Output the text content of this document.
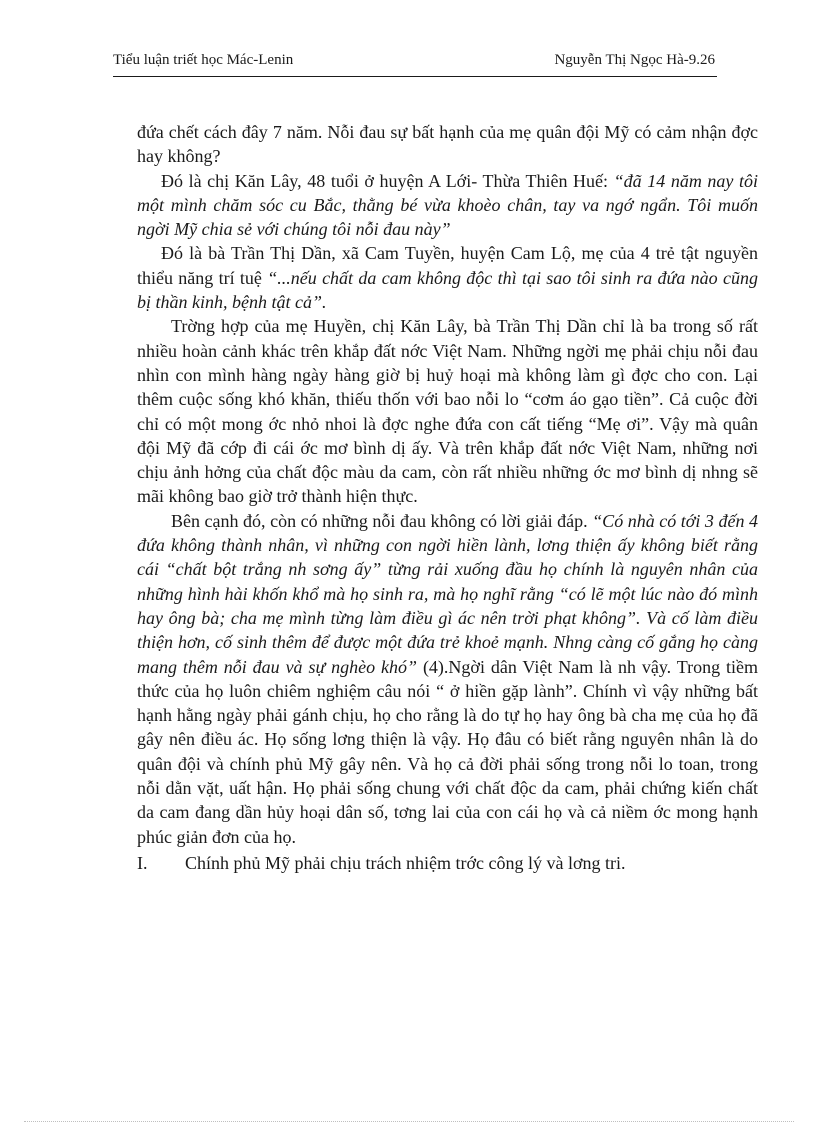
Tiểu luận triết học Mác-Lenin	Nguyễn Thị Ngọc Hà-9.26

đứa chết cách đây 7 năm. Nỗi đau sự bất hạnh của mẹ quân đội Mỹ có cảm nhận đợc hay không?

Đó là chị Kăn Lây, 48 tuổi ở huyện A Lới- Thừa Thiên Huế: “đã 14 năm nay tôi một mình chăm sóc cu Bắc, thằng bé vừa khoèo chân, tay va ngớ ngẩn. Tôi muốn ngời Mỹ chia sẻ với chúng tôi nỗi đau này”

Đó là bà Trần Thị Dần, xã Cam Tuyền, huyện Cam Lộ, mẹ của 4 trẻ tật nguyền thiểu năng trí tuệ “...nếu chất da cam không độc thì tại sao tôi sinh ra đứa nào cũng bị thần kinh, bệnh tật cả”.

Trờng hợp của mẹ Huyền, chị Kăn Lây, bà Trần Thị Dần chỉ là ba trong số rất nhiều hoàn cảnh khác trên khắp đất nớc Việt Nam. Những ngời mẹ phải chịu nỗi đau nhìn con mình hàng ngày hàng giờ bị huỷ hoại mà không làm gì đợc cho con. Lại thêm cuộc sống khó khăn, thiếu thốn với bao nỗi lo “cơm áo gạo tiền”. Cả cuộc đời chỉ có một mong ớc nhỏ nhoi là đợc nghe đứa con cất tiếng “Mẹ ơi”. Vậy mà quân đội Mỹ đã cớp đi cái ớc mơ bình dị ấy. Và trên khắp đất nớc Việt Nam, những nơi chịu ảnh hởng của chất độc màu da cam, còn rất nhiều những ớc mơ bình dị nhng sẽ mãi không bao giờ trở thành hiện thực.

Bên cạnh đó, còn có những nỗi đau không có lời giải đáp. “Có nhà có tới 3 đến 4 đứa không thành nhân, vì những con ngời hiền lành, lơng thiện ấy không biết rằng cái “chất bột trắng nh sơng ấy” từng rải xuống đầu họ chính là nguyên nhân của những hình hài khốn khổ mà họ sinh ra, mà họ nghĩ rằng “có lẽ một lúc nào đó mình hay ông bà; cha mẹ mình từng làm điều gì ác nên trời phạt không”. Và cố làm điều thiện hơn, cố sinh thêm để được một đứa trẻ khoẻ mạnh. Nhng càng cố gắng họ càng mang thêm nỗi đau và sự nghèo khó” (4).Ngời dân Việt Nam là nh vậy. Trong tiềm thức của họ luôn chiêm nghiệm câu nói “ ở hiền gặp lành”. Chính vì vậy những bất hạnh hằng ngày phải gánh chịu, họ cho rằng là do tự họ hay ông bà cha mẹ của họ đã gây nên điều ác. Họ sống lơng thiện là vậy. Họ đâu có biết rằng nguyên nhân là do quân đội và chính phủ Mỹ gây nên. Và họ cả đời phải sống trong nỗi lo toan, trong nỗi dằn vặt, uất hận. Họ phải sống chung với chất độc da cam, phải chứng kiến chất da cam đang dần hủy hoại dân số, tơng lai của con cái họ và cả niềm ớc mong hạnh phúc giản đơn của họ.

I. Chính phủ Mỹ phải chịu trách nhiệm trớc công lý và lơng tri.
